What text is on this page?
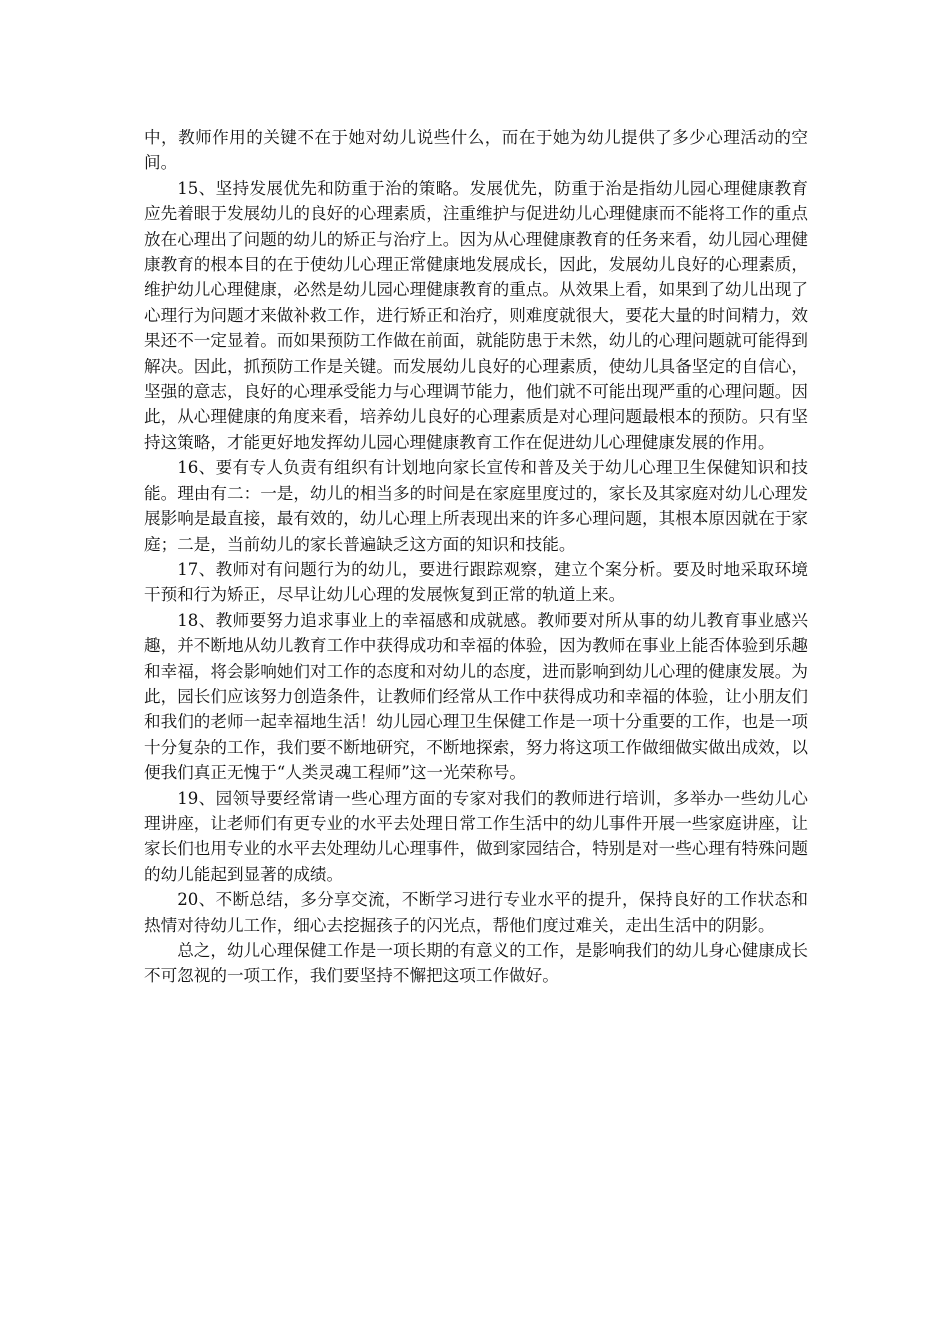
中，教师作用的关键不在于她对幼儿说些什么，而在于她为幼儿提供了多少心理活动的空间。

15、坚持发展优先和防重于治的策略。发展优先，防重于治是指幼儿园心理健康教育应先着眼于发展幼儿的良好的心理素质，注重维护与促进幼儿心理健康而不能将工作的重点放在心理出了问题的幼儿的矫正与治疗上。因为从心理健康教育的任务来看，幼儿园心理健康教育的根本目的在于使幼儿心理正常健康地发展成长，因此，发展幼儿良好的心理素质，维护幼儿心理健康，必然是幼儿园心理健康教育的重点。从效果上看，如果到了幼儿出现了心理行为问题才来做补救工作，进行矫正和治疗，则难度就很大，要花大量的时间精力，效果还不一定显着。而如果预防工作做在前面，就能防患于未然，幼儿的心理问题就可能得到解决。因此，抓预防工作是关键。而发展幼儿良好的心理素质，使幼儿具备坚定的自信心，坚强的意志，良好的心理承受能力与心理调节能力，他们就不可能出现严重的心理问题。因此，从心理健康的角度来看，培养幼儿良好的心理素质是对心理问题最根本的预防。只有坚持这策略，才能更好地发挥幼儿园心理健康教育工作在促进幼儿心理健康发展的作用。

16、要有专人负责有组织有计划地向家长宣传和普及关于幼儿心理卫生保健知识和技能。理由有二：一是，幼儿的相当多的时间是在家庭里度过的，家长及其家庭对幼儿心理发展影响是最直接，最有效的，幼儿心理上所表现出来的许多心理问题，其根本原因就在于家庭；二是，当前幼儿的家长普遍缺乏这方面的知识和技能。

17、教师对有问题行为的幼儿，要进行跟踪观察，建立个案分析。要及时地采取环境干预和行为矫正，尽早让幼儿心理的发展恢复到正常的轨道上来。

18、教师要努力追求事业上的幸福感和成就感。教师要对所从事的幼儿教育事业感兴趣，并不断地从幼儿教育工作中获得成功和幸福的体验，因为教师在事业上能否体验到乐趣和幸福，将会影响她们对工作的态度和对幼儿的态度，进而影响到幼儿心理的健康发展。为此，园长们应该努力创造条件，让教师们经常从工作中获得成功和幸福的体验，让小朋友们和我们的老师一起幸福地生活！幼儿园心理卫生保健工作是一项十分重要的工作，也是一项十分复杂的工作，我们要不断地研究，不断地探索，努力将这项工作做细做实做出成效，以便我们真正无愧于“人类灵魂工程师”这一光荣称号。

19、园领导要经常请一些心理方面的专家对我们的教师进行培训，多举办一些幼儿心理讲座，让老师们有更专业的水平去处理日常工作生活中的幼儿事件开展一些家庭讲座，让家长们也用专业的水平去处理幼儿心理事件，做到家园结合，特别是对一些心理有特殊问题的幼儿能起到显著的成绩。

20、不断总结，多分享交流，不断学习进行专业水平的提升，保持良好的工作状态和热情对待幼儿工作，细心去挖掘孩子的闪光点，帮他们度过难关，走出生活中的阴影。

总之，幼儿心理保健工作是一项长期的有意义的工作，是影响我们的幼儿身心健康成长不可忽视的一项工作，我们要坚持不懈把这项工作做好。
